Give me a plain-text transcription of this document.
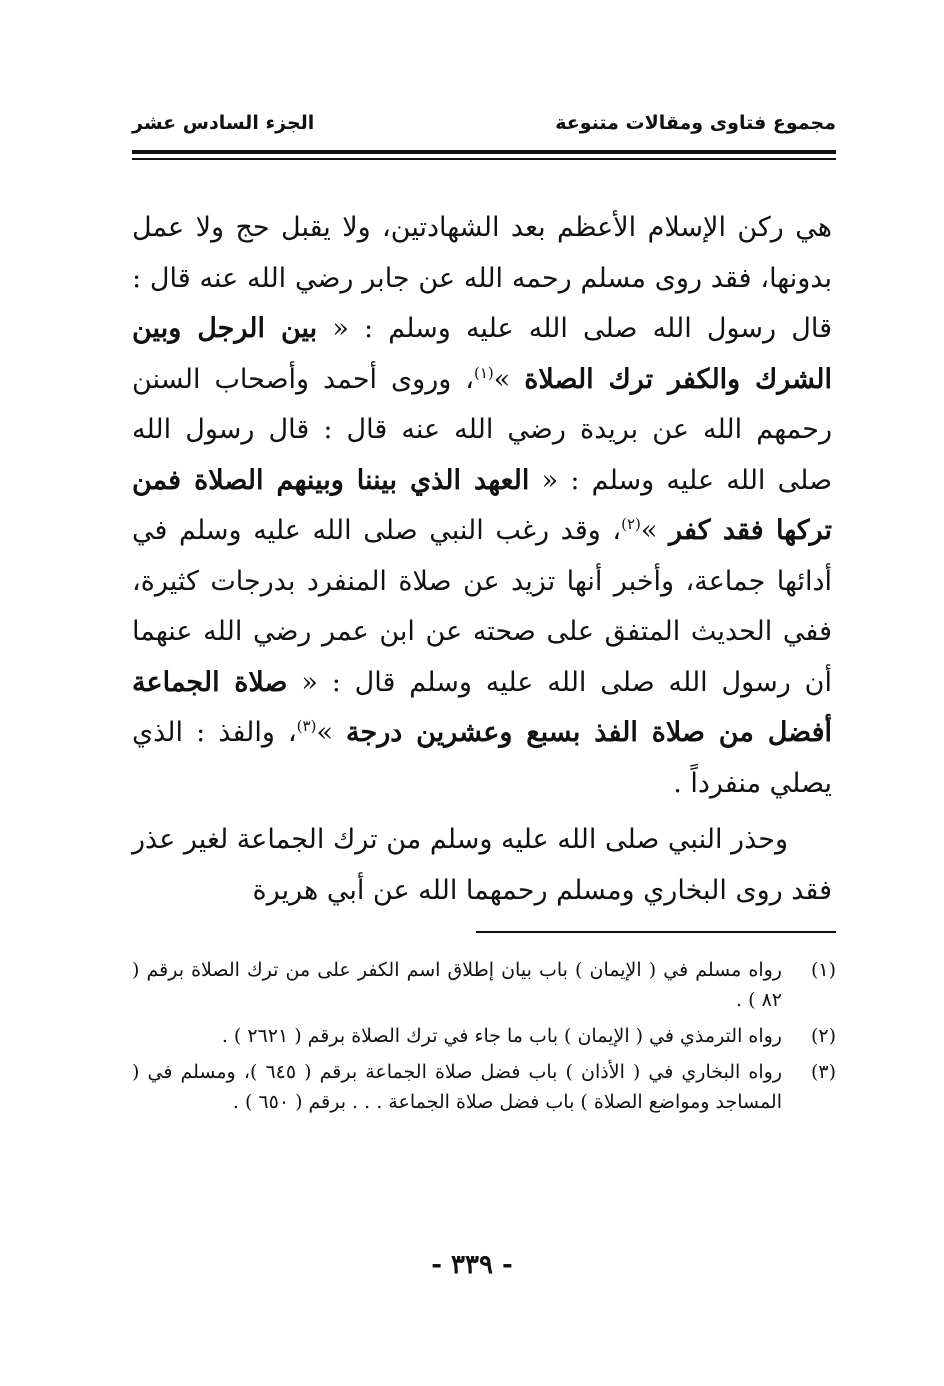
مجموع فتاوى ومقالات متنوعة
الجزء السادس عشر

هي ركن الإسلام الأعظم بعد الشهادتين، ولا يقبل حج ولا عمل بدونها، فقد روى مسلم رحمه الله عن جابر رضي الله عنه قال : قال رسول الله صلى الله عليه وسلم : « بين الرجل وبين الشرك والكفر ترك الصلاة »$^{(١)}$، وروى أحمد وأصحاب السنن رحمهم الله عن بريدة رضي الله عنه قال : قال رسول الله صلى الله عليه وسلم : « العهد الذي بيننا وبينهم الصلاة فمن تركها فقد كفر »$^{(٢)}$، وقد رغب النبي صلى الله عليه وسلم في أدائها جماعة، وأخبر أنها تزيد عن صلاة المنفرد بدرجات كثيرة، ففي الحديث المتفق على صحته عن ابن عمر رضي الله عنهما أن رسول الله صلى الله عليه وسلم قال : « صلاة الجماعة أفضل من صلاة الفذ بسبع وعشرين درجة »$^{(٣)}$، والفذ : الذي يصلي منفرداً .

وحذر النبي صلى الله عليه وسلم من ترك الجماعة لغير عذر فقد روى البخاري ومسلم رحمهما الله عن أبي هريرة

(١)
رواه مسلم في ( الإيمان ) باب بيان إطلاق اسم الكفر على من ترك الصلاة برقم ( ٨٢ ) .
(٢)
رواه الترمذي في ( الإيمان ) باب ما جاء في ترك الصلاة برقم ( ٢٦٢١ ) .
(٣)
رواه البخاري في ( الأذان ) باب فضل صلاة الجماعة برقم ( ٦٤٥ )، ومسلم في ( المساجد ومواضع الصلاة ) باب فضل صلاة الجماعة . . . برقم ( ٦٥٠ ) .
- ٣٣٩ -
